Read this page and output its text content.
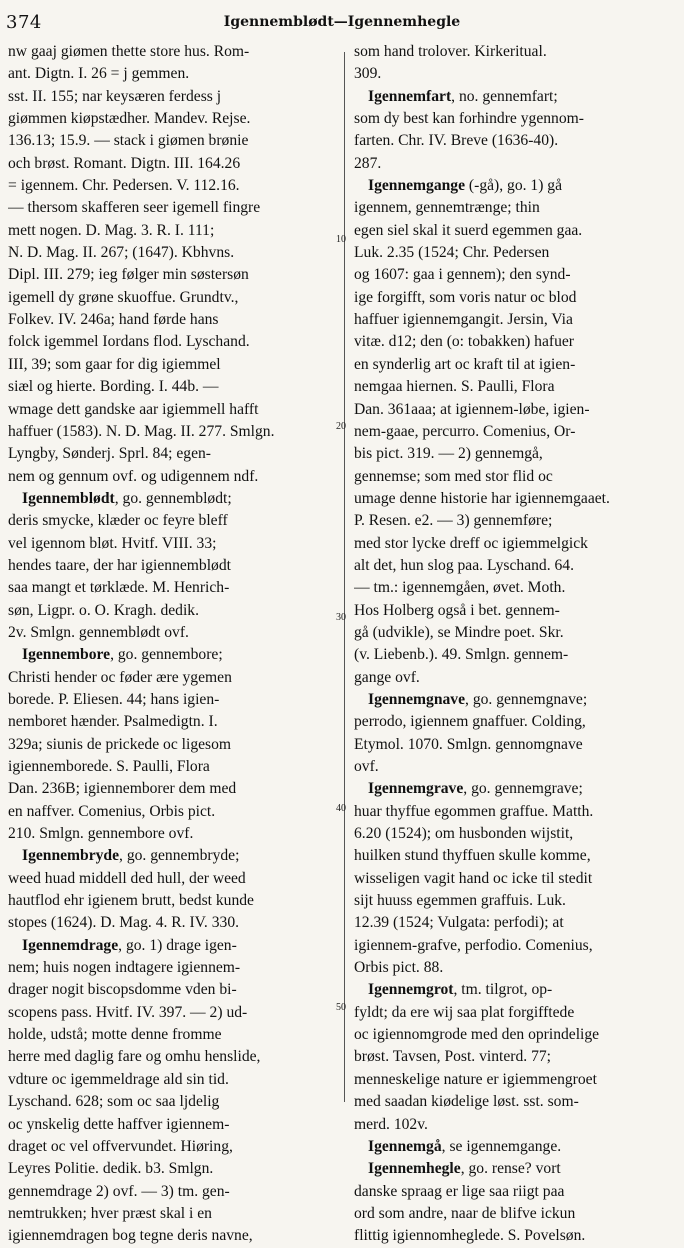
374	Igennemblødt—Igennemhegle
nw gaaj giømen thette store hus. Rom-
ant. Digtn. I. 26 = j gemmen.
sst. II. 155; nar keysæren ferdess j
giømmen kiøpstædher. Mandev. Rejse.
136.13; 15.9. — stack i giømen brønie
och brøst. Romant. Digtn. III. 164.26
= igennem. Chr. Pedersen. V. 112.16.
— thersom skafferen seer igemell fingre
mett nogen. D. Mag. 3. R. I. 111;
N. D. Mag. II. 267; (1647). Kbhvns.
Dipl. III. 279; ieg følger min søstersøn
igemell dy grøne skuoffue. Grundtv.,
Folkev. IV. 246a; hand førde hans
folck igemmel Iordans flod. Lyschand.
III, 39; som gaar for dig igiemmel
siæl og hierte. Bording. I. 44b. —
wmage dett gandske aar igiemmell hafft
haffuer (1583). N. D. Mag. II. 277. Smlgn.
Lyngby, Sønderj. Sprl. 84; egen-
nem og gennum ovf. og udigennem ndf.
Igennemblødt, go. gennemblødt;
deris smycke, klæder oc feyre bleff
vel igennom bløt. Hvitf. VIII. 33;
hendes taare, der har igiennemblødt
saa mangt et tørklæde. M. Henrich-
søn, Ligpr. o. O. Kragh. dedik.
2v. Smlgn. gennemblødt ovf.
Igennembore, go. gennembore;
Christi hender oc føder ære ygemen
borede. P. Eliesen. 44; hans igien-
nemboret hænder. Psalmedigtn. I.
329a; siunis de prickede oc ligesom
igiennemborede. S. Paulli, Flora
Dan. 236B; igiennemborer dem med
en naffver. Comenius, Orbis pict.
210. Smlgn. gennembore ovf.
Igennembryde, go. gennembryde;
weed huad middell ded hull, der weed
hautflod ehr igienem brutt, bedst kunde
stopes (1624). D. Mag. 4. R. IV. 330.
Igennemdrage, go. 1) drage igen-
nem; huis nogen indtagere igiennem-
drager nogit biscopsdomme vden bi-
scopens pass. Hvitf. IV. 397. — 2) ud-
holde, udstå; motte denne fromme
herre med daglig fare og omhu henslide,
vdture oc igemmeldrage ald sin tid.
Lyschand. 628; som oc saa ljdelig
oc ynskelig dette haffver igiennem-
draget oc vel offvervundet. Hiøring,
Leyres Politie. dedik. b3. Smlgn.
gennemdrage 2) ovf. — 3) tm. gen-
nemtrukken; hver præst skal i en
igiennemdragen bog tegne deris navne,
som hand trolover. Kirkeritual.
309.
Igennemfart, no. gennemfart;
som dy best kan forhindre ygennom-
farten. Chr. IV. Breve (1636-40).
287.
Igennemgange (-gå), go. 1) gå
igennem, gennemtrænge; thin
egen siel skal it suerd egemmen gaa.
Luk. 2.35 (1524; Chr. Pedersen
og 1607: gaa i gennem); den synd-
ige forgifft, som voris natur oc blod
haffuer igiennemgangit. Jersin, Via
vitæ. d12; den (o: tobakken) hafuer
en synderlig art oc kraft til at igien-
nemgaa hiernen. S. Paulli, Flora
Dan. 361aaa; at igiennem-løbe, igien-
nem-gaae, percurro. Comenius, Or-
bis pict. 319. — 2) gennemgå,
gennemse; som med stor flid oc
umage denne historie har igiennemgaaet.
P. Resen. e2. — 3) gennemføre;
med stor lycke dreff oc igiemmelgick
alt det, hun slog paa. Lyschand. 64.
— tm.: igennemgåen, øvet. Moth.
Hos Holberg også i bet. gennem-
gå (udvikle), se Mindre poet. Skr.
(v. Liebenb.). 49. Smlgn. gennem-
gange ovf.
Igennemgnave, go. gennemgnave;
perrodo, igiennem gnaffuer. Colding,
Etymol. 1070. Smlgn. gennomgnave
ovf.
Igennemgrave, go. gennemgrave;
huar thyffue egommen graffue. Matth.
6.20 (1524); om husbonden wijstit,
huilken stund thyffuen skulle komme,
wisseligen vagit hand oc icke til stedit
sijt huuss egemmen graffuis. Luk.
12.39 (1524; Vulgata: perfodi); at
igiennem-grafve, perfodio. Comenius,
Orbis pict. 88.
Igennemgrot, tm. tilgrot, op-
fyldt; da ere wij saa plat forgifftede
oc igiennomgrode med den oprindelige
brøst. Tavsen, Post. vinterd. 77;
menneskelige nature er igiemmengroet
med saadan kiødelige løst. sst. som-
merd. 102v.
Igennemgå, se igennemgange.
Igennemhegle, go. rense? vort
danske spraag er lige saa riigt paa
ord som andre, naar de blifve ickun
flittig igiennomheglede. S. Povelsøn.
10
20
30
40
50
